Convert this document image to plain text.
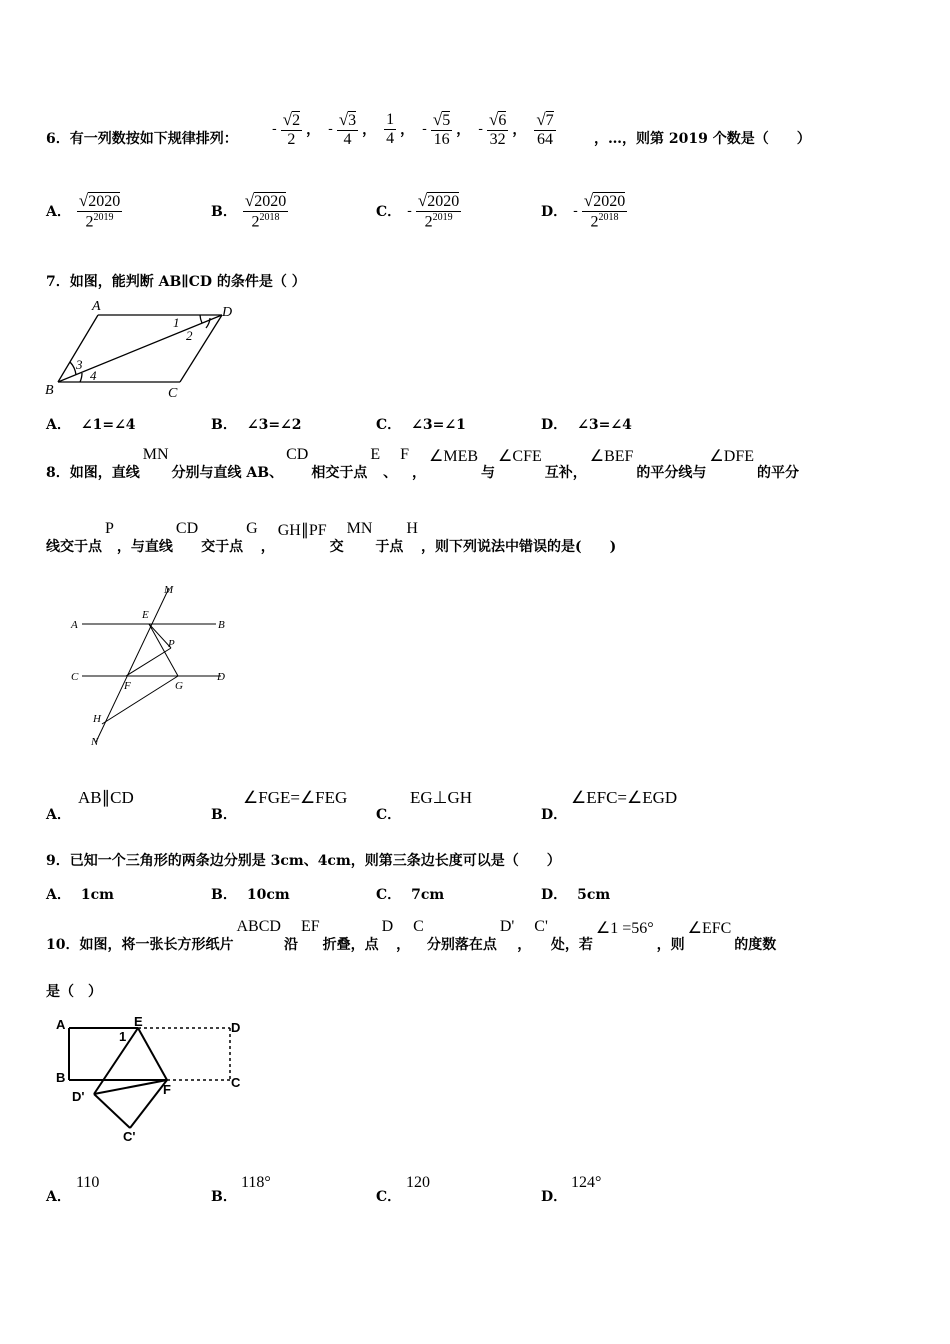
6．有一列数按如下规律排列：
- $\frac{√2}{2}$ ， - $\frac{√3}{4}$ ， $\frac{1}{4}$ ， - $\frac{√5}{16}$ ， - $\frac{√6}{32}$ ， $\frac{√7}{64}$	，…，则第 2019 个数是（　　）
A． $\frac{√2020}{2^{2019}}$	B． $\frac{√2020}{2^{2018}}$	C． - $\frac{√2020}{2^{2019}}$	D． - $\frac{√2020}{2^{2018}}$
7．如图，能判断 AB∥CD 的条件是（ ）
A	D
B	C
1
2
3
4
A． ∠1=∠4	B． ∠3=∠2	C． ∠3=∠1	D． ∠3=∠4
8．如图，直线
MN
分别与直线 AB、
CD
相交于点
E
、
F
，
∠MEB
与
∠CFE
互补，
∠BEF
的平分线与
∠DFE
的平分
线交于点
P
，与直线
CD
交于点
G
，
GH∥PF
交
MN
于点
H
，则下列说法中错误的是(　　)
M
E
A	B
P
C
F	G
D
H
N
A．
AB∥CD
B．
∠FGE=∠FEG
C．
EG⊥GH
D．
∠EFC=∠EGD
9．已知一个三角形的两条边分别是 3cm、4cm，则第三条边长度可以是（　　）
A． 1cm	B． 10cm	C． 7cm	D． 5cm
10．如图，将一张长方形纸片
ABCD
沿
EF
折叠，点
D
，
C
分别落在点
D'
，
C'
处，若
∠1 =56°
，则
∠EFC
的度数
是（　）
A	E	D
1
B
F	C
D'
C'
A．
110
B．
118°
C．
120
D．
124°
